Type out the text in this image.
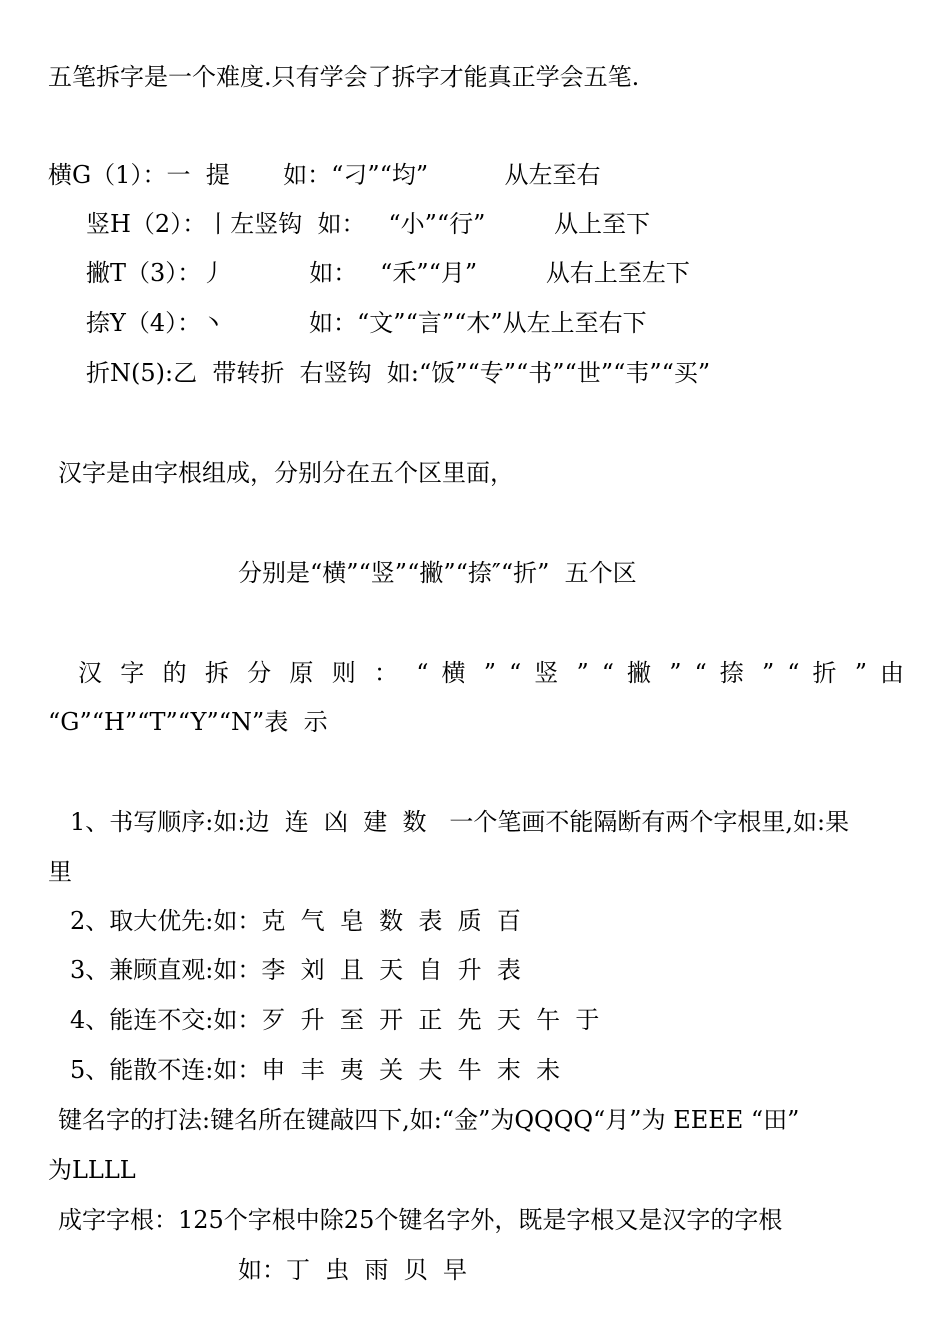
五笔拆字是一个难度.只有学会了拆字才能真正学会五笔.

横G（1）：一  提       如：“刁”“均”          从左至右

竖H（2）：丨左竖钩  如：   “小”“行”         从上至下

撇T（3）：丿           如：   “禾”“月”         从右上至左下

捺Y（4）：丶           如：“文”“言”“木”从左上至右下

折N(5):乙  带转折  右竖钩  如:“饭”“专”“书”“世”“韦”“买”

汉字是由字根组成，分别分在五个区里面，

分别是“横”“竖”“撇”“捺″“折”  五个区

汉 字 的 拆 分 原 则 ： “ 横 ” “ 竖 ” “ 撇 ” “ 捺 ” “ 折 ” 由

“G”“H”“T”“Y”“N”表  示

1、书写顺序:如:边  连  凶  建  数   一个笔画不能隔断有两个字根里,如:果

里

2、取大优先:如：克  气  皂  数  表  质  百

3、兼顾直观:如：李  刘  且  天  自  升  表

4、能连不交:如：歹  升  至  开  正  先  天  午  于

5、能散不连:如：申  丰  夷  关  夫  牛  末  未

键名字的打法:键名所在键敲四下,如:“金”为QQQQ“月”为 EEEE “田”

为LLLL

成字字根：125个字根中除25个键名字外，既是字根又是汉字的字根

如：丁  虫  雨  贝  早
